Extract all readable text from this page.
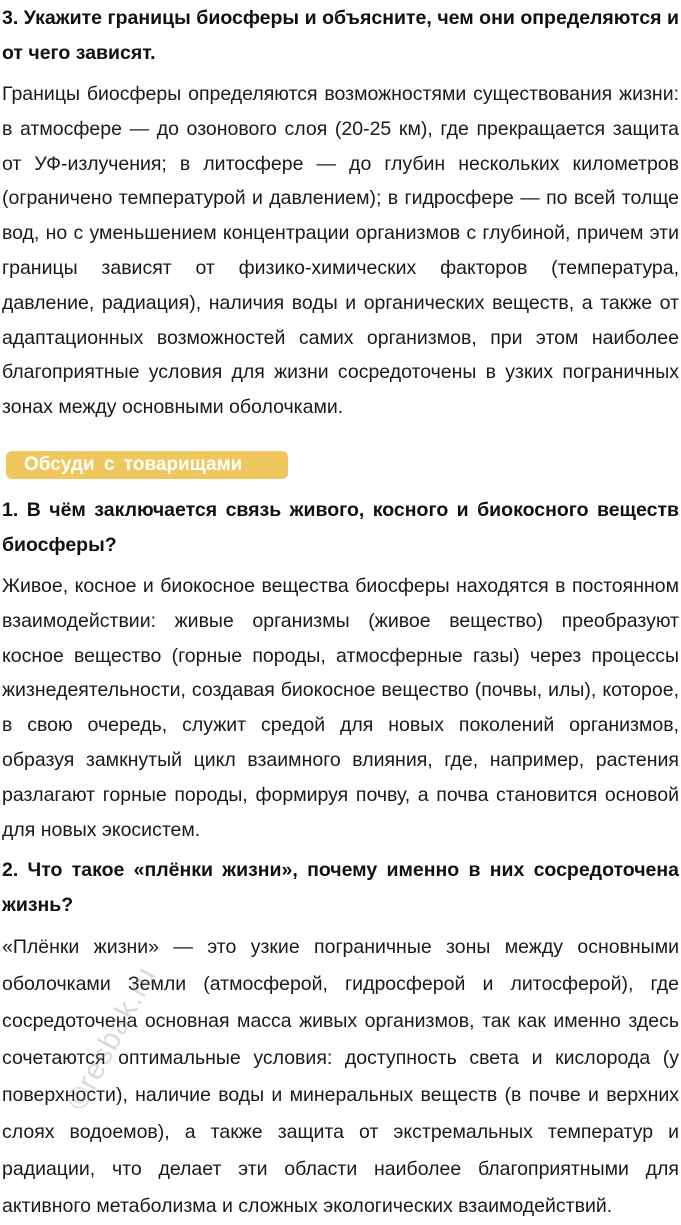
3. Укажите границы биосферы и объясните, чем они определяются и от чего зависят.

Границы биосферы определяются возможностями существования жизни: в атмосфере — до озонового слоя (20-25 км), где прекращается защита от УФ-излучения; в литосфере — до глубин нескольких километров (ограничено температурой и давлением); в гидросфере — по всей толще вод, но с уменьшением концентрации организмов с глубиной, причем эти границы зависят от физико-химических факторов (температура, давление, радиация), наличия воды и органических веществ, а также от адаптационных возможностей самих организмов, при этом наиболее благоприятные условия для жизни сосредоточены в узких пограничных зонах между основными оболочками.

Обсуди с товарищами
1. В чём заключается связь живого, косного и биокосного веществ биосферы?

Живое, косное и биокосное вещества биосферы находятся в постоянном взаимодействии: живые организмы (живое вещество) преобразуют косное вещество (горные породы, атмосферные газы) через процессы жизнедеятельности, создавая биокосное вещество (почвы, илы), которое, в свою очередь, служит средой для новых поколений организмов, образуя замкнутый цикл взаимного влияния, где, например, растения разлагают горные породы, формируя почву, а почва становится основой для новых экосистем.

2. Что такое «плёнки жизни», почему именно в них сосредоточена жизнь?

«Плёнки жизни» — это узкие пограничные зоны между основными оболочками Земли (атмосферой, гидросферой и литосферой), где сосредоточена основная масса живых организмов, так как именно здесь сочетаются оптимальные условия: доступность света и кислорода (у поверхности), наличие воды и минеральных веществ (в почве и верхних слоях водоемов), а также защита от экстремальных температур и радиации, что делает эти области наиболее благоприятными для активного метаболизма и сложных экологических взаимодействий.

©resbak.ru
